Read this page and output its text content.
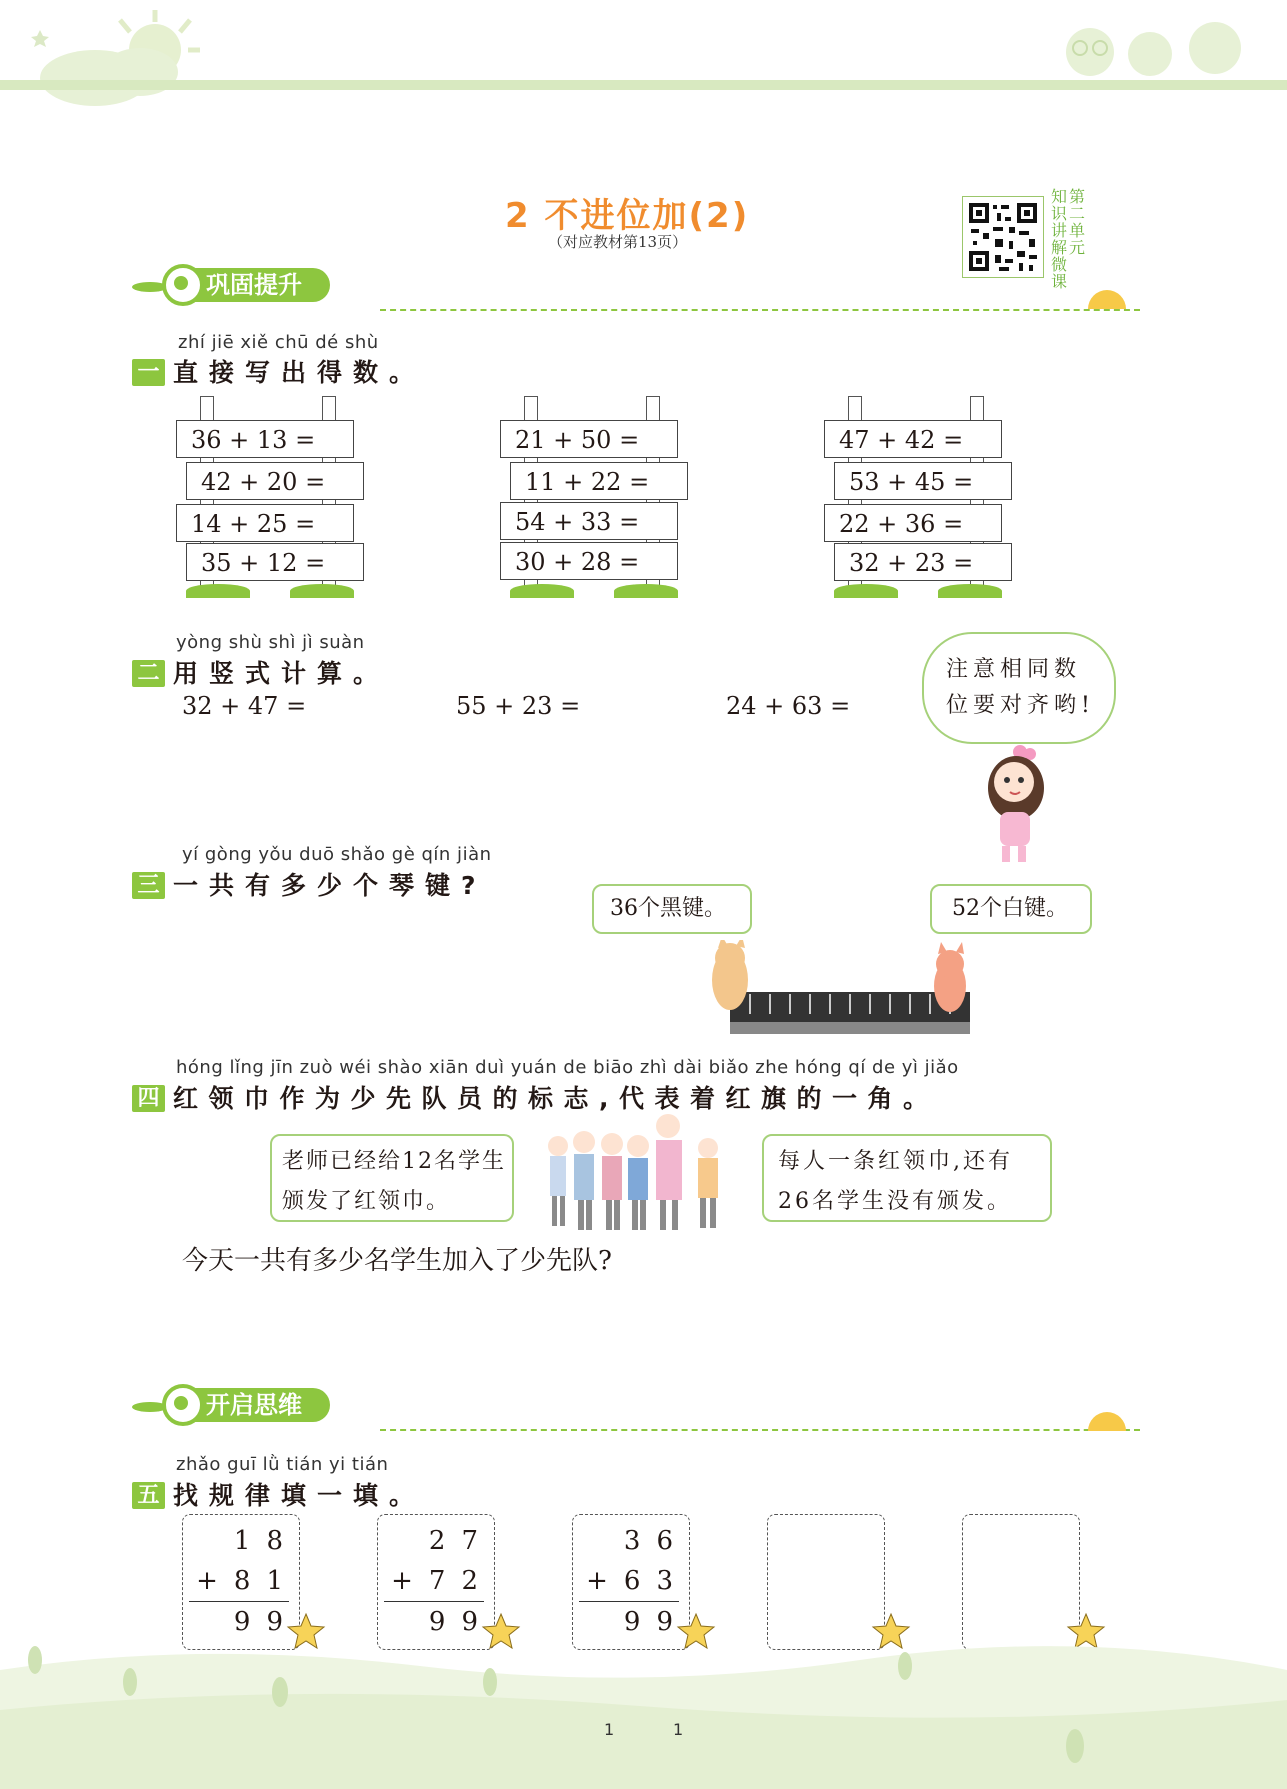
2 不进位加(2)
（对应教材第13页）
知识讲解微课第二单元
巩固提升
zhí jiē xiě chū dé shù
一 直接写出得数。
36 + 13 =
42 + 20 =
14 + 25 =
35 + 12 =
21 + 50 =
11 + 22 =
54 + 33 =
30 + 28 =
47 + 42 =
53 + 45 =
22 + 36 =
32 + 23 =
yòng shù shì jì suàn
二 用竖式计算。
32 + 47 =	55 + 23 =	24 + 63 =
注意相同数
位要对齐哟!
yí gòng yǒu duō shǎo gè qín jiàn
三 一共有多少个琴键?
36个黑键。	52个白键。
hóng lǐng jīn zuò wéi shào xiān duì yuán de biāo zhì dài biǎo zhe hóng qí de yì jiǎo
四 红领巾作为少先队员的标志,代表着红旗的一角。
老师已经给12名学生
颁发了红领巾。
每人一条红领巾,还有
26名学生没有颁发。
今天一共有多少名学生加入了少先队?
开启思维
zhǎo guī lǜ tián yi tián
五 找规律填一填。
18
+81
99
27
+72
99
36
+63
99
1	1
